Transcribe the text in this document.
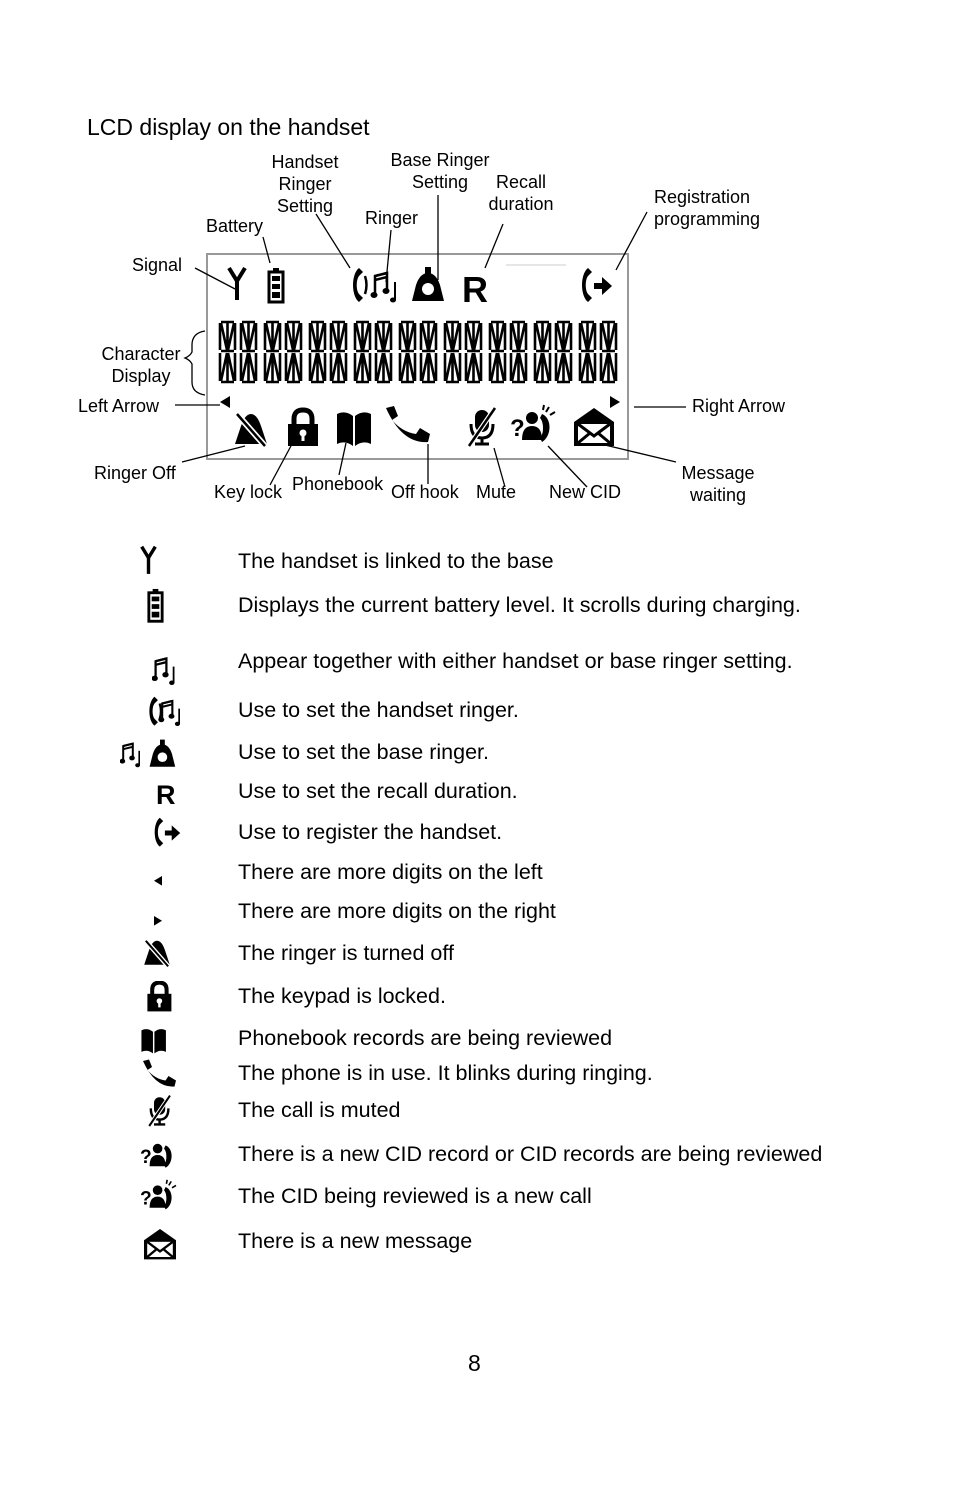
LCD display on the handset
Handset
Ringer
Setting
Base Ringer
Setting	Recall
duration	Registration
programming
Battery	Ringer
Signal
Character
Display
Left Arrow	Right Arrow
Ringer Off
Key lock Phonebook Off hook Mute New CID
Message
waiting
The handset is linked to the base
Displays the current battery level. It scrolls during charging.
Appear together with either handset or base ringer setting.
Use to set the handset ringer.
Use to set the base ringer.
Use to set the recall duration.
Use to register the handset.
There are more digits on the left
There are more digits on the right
The ringer is turned off
The keypad is locked.
Phonebook records are being reviewed
The phone is in use. It blinks during ringing.
The call is muted
There is a new CID record or CID records are being reviewed
The CID being reviewed is a new call
There is a new message
8
